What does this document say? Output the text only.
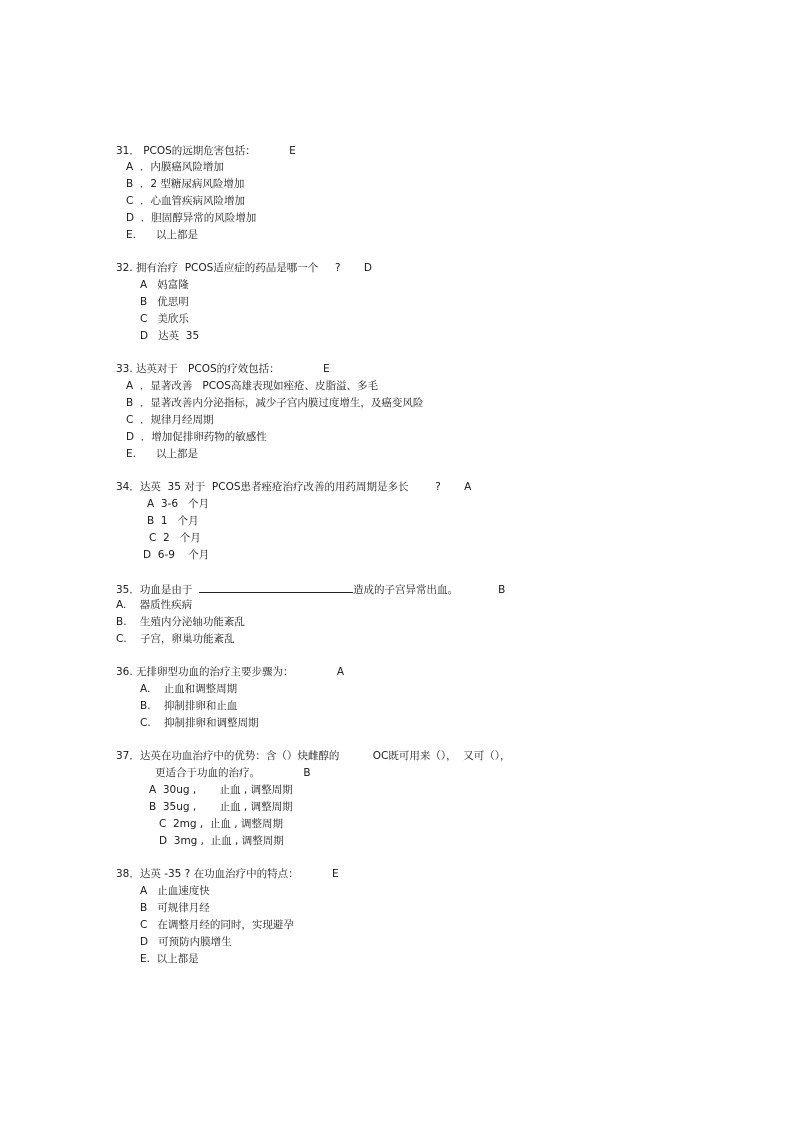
31． PCOS的远期危害包括：          E
A  ．内膜癌风险增加
B  ．2 型糖尿病风险增加
C  ．心血管疾病风险增加
D  ．胆固醇异常的风险增加
E.      以上都是
32. 拥有治疗  PCOS适应症的药品是哪一个     ?       D
A   妈富隆
B   优思明
C   美欣乐
D   达英  35
33. 达英对于   PCOS的疗效包括：             E
A  ．显著改善   PCOS高雄表现如痤疮、皮脂溢、多毛
B  ．显著改善内分泌指标，减少子宫内膜过度增生，及癌变风险
C  ．规律月经周期
D  ．增加促排卵药物的敏感性
E.      以上都是
34．达英  35 对于  PCOS患者痤疮治疗改善的用药周期是多长        ?       A
A  3-6   个月
B  1   个月
C  2   个月
D  6-9    个月
35．功血是由于	造成的子宫异常出血。            B
A.    器质性疾病
B.    生殖内分泌轴功能紊乱
C.    子宫，卵巢功能紊乱
36. 无排卵型功血的治疗主要步骤为：             A
A.    止血和调整周期
B.    抑制排卵和止血
C.    抑制排卵和调整周期
37．达英在功血治疗中的优势：含（）炔雌醇的          OC既可用来（），  又可（），
更适合于功血的治疗。             B
A  30ug ,       止血 , 调整周期
B  35ug ,       止血 , 调整周期
C  2mg ,  止血 , 调整周期
D  3mg ,  止血 , 调整周期
38．达英 -35 ? 在功血治疗中的特点：          E
A   止血速度快
B   可规律月经
C   在调整月经的同时，实现避孕
D   可预防内膜增生
E.  以上都是
